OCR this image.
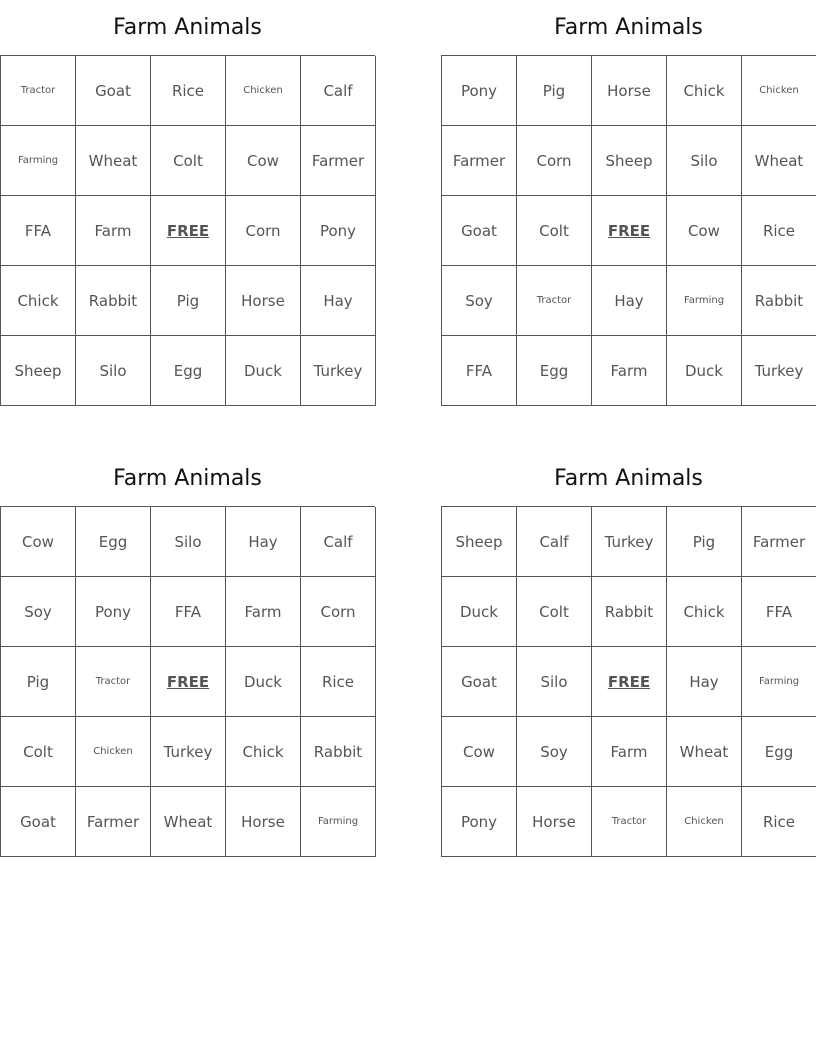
Farm Animals
Tractor	Goat	Rice	Chicken	Calf
Farming	Wheat	Colt	Cow	Farmer
FFA	Farm	FREE	Corn	Pony
Chick	Rabbit	Pig	Horse	Hay
Sheep	Silo	Egg	Duck	Turkey
Farm Animals
Pony	Pig	Horse	Chick	Chicken
Farmer	Corn	Sheep	Silo	Wheat
Goat	Colt	FREE	Cow	Rice
Soy	Tractor	Hay	Farming	Rabbit
FFA	Egg	Farm	Duck	Turkey
Farm Animals
Cow	Egg	Silo	Hay	Calf
Soy	Pony	FFA	Farm	Corn
Pig	Tractor	FREE	Duck	Rice
Colt	Chicken	Turkey	Chick	Rabbit
Goat	Farmer	Wheat	Horse	Farming
Farm Animals
Sheep	Calf	Turkey	Pig	Farmer
Duck	Colt	Rabbit	Chick	FFA
Goat	Silo	FREE	Hay	Farming
Cow	Soy	Farm	Wheat	Egg
Pony	Horse	Tractor	Chicken	Rice
